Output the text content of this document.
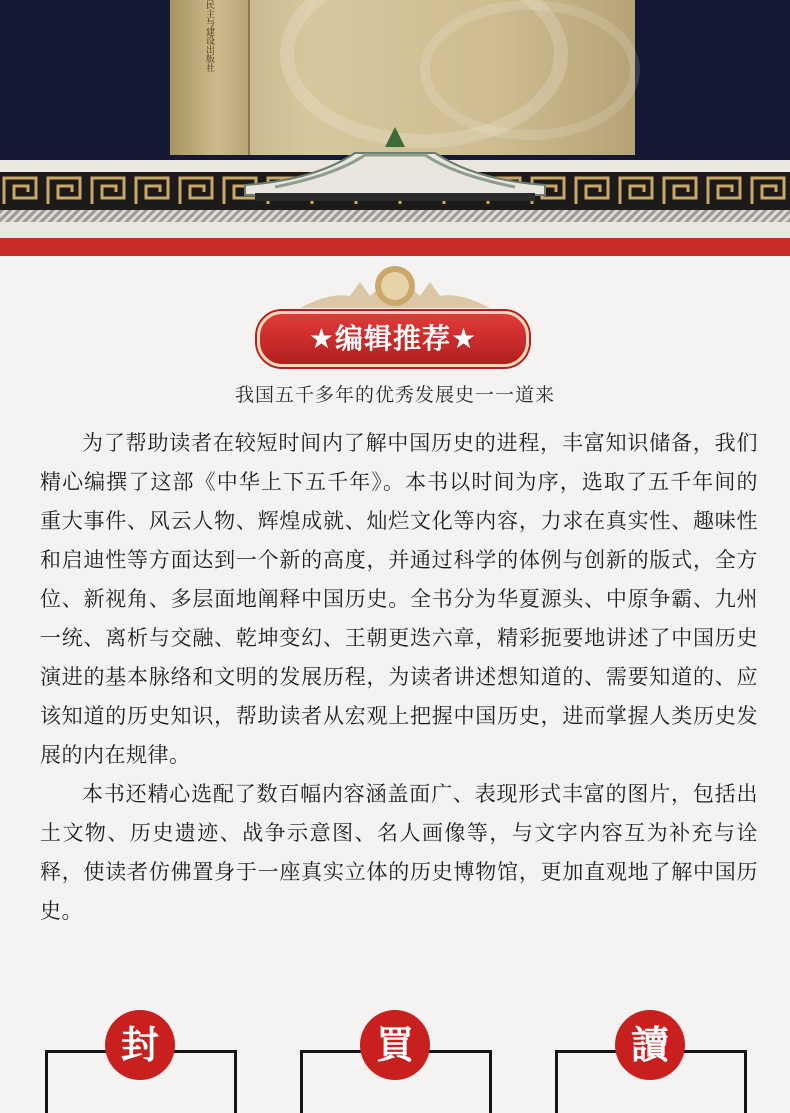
民主与建设出版社
★编辑推荐★
我国五千多年的优秀发展史一一道来

为了帮助读者在较短时间内了解中国历史的进程，丰富知识储备，我们精心编撰了这部《中华上下五千年》。本书以时间为序，选取了五千年间的重大事件、风云人物、辉煌成就、灿烂文化等内容，力求在真实性、趣味性和启迪性等方面达到一个新的高度，并通过科学的体例与创新的版式，全方位、新视角、多层面地阐释中国历史。全书分为华夏源头、中原争霸、九州一统、离析与交融、乾坤变幻、王朝更迭六章，精彩扼要地讲述了中国历史演进的基本脉络和文明的发展历程，为读者讲述想知道的、需要知道的、应该知道的历史知识，帮助读者从宏观上把握中国历史，进而掌握人类历史发展的内在规律。

本书还精心选配了数百幅内容涵盖面广、表现形式丰富的图片，包括出土文物、历史遗迹、战争示意图、名人画像等，与文字内容互为补充与诠释，使读者仿佛置身于一座真实立体的历史博物馆，更加直观地了解中国历史。

封	買	讀
